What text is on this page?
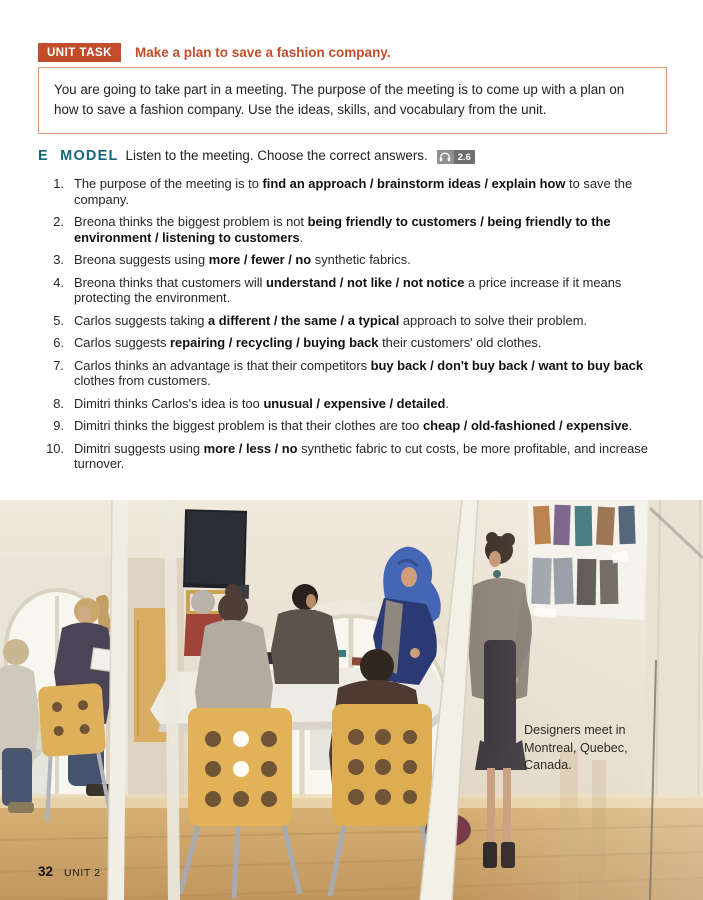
UNIT TASK	Make a plan to save a fashion company.
You are going to take part in a meeting. The purpose of the meeting is to come up with a plan on how to save a fashion company. Use the ideas, skills, and vocabulary from the unit.
E MODEL Listen to the meeting. Choose the correct answers.	2.6
1. The purpose of the meeting is to find an approach / brainstorm ideas / explain how to save the company.
2. Breona thinks the biggest problem is not being friendly to customers / being friendly to the environment / listening to customers.
3. Breona suggests using more / fewer / no synthetic fabrics.
4. Breona thinks that customers will understand / not like / not notice a price increase if it means protecting the environment.
5. Carlos suggests taking a different / the same / a typical approach to solve their problem.
6. Carlos suggests repairing / recycling / buying back their customers' old clothes.
7. Carlos thinks an advantage is that their competitors buy back / don't buy back / want to buy back clothes from customers.
8. Dimitri thinks Carlos's idea is too unusual / expensive / detailed.
9. Dimitri thinks the biggest problem is that their clothes are too cheap / old-fashioned / expensive.
10. Dimitri suggests using more / less / no synthetic fabric to cut costs, be more profitable, and increase turnover.
Designers meet in Montreal, Quebec, Canada.
32 UNIT 2
